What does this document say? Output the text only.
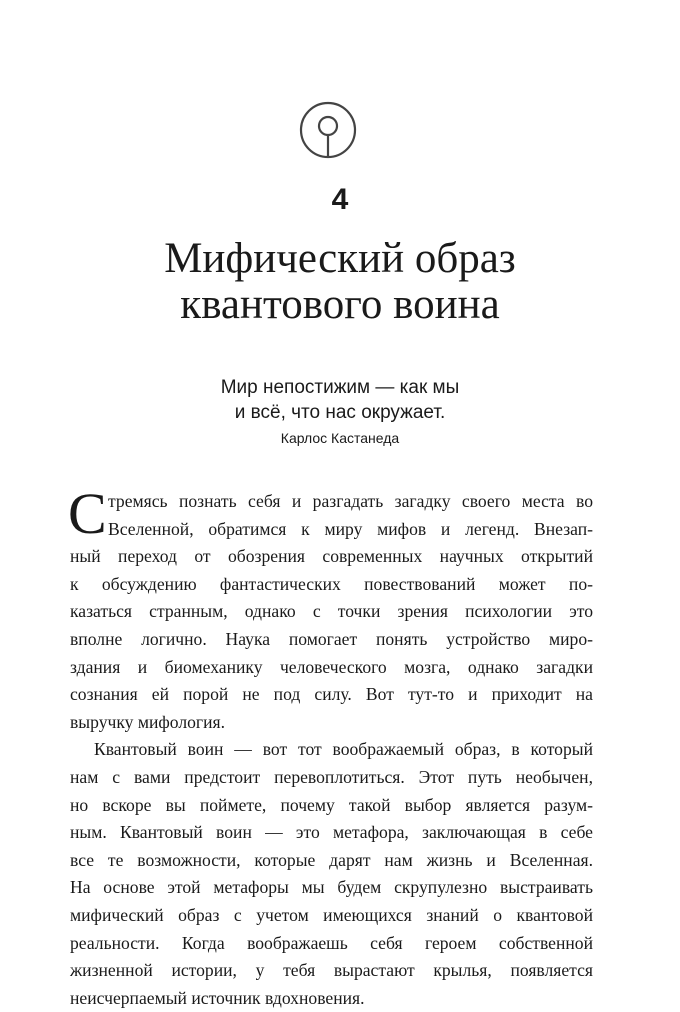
4
Мифический образ
квантового воина
Мир непостижим — как мы
и всё, что нас окружает.
Карлос Кастанеда
С тремясь познать себя и разгадать загадку своего места во
Вселенной, обратимся к миру мифов и легенд. Внезап-
ный переход от обозрения современных научных открытий
к обсуждению фантастических повествований может по-
казаться странным, однако с точки зрения психологии это
вполне логично. Наука помогает понять устройство миро-
здания и биомеханику человеческого мозга, однако загадки
сознания ей порой не под силу. Вот тут-то и приходит на
выручку мифология.
Квантовый воин — вот тот воображаемый образ, в который
нам с вами предстоит перевоплотиться. Этот путь необычен,
но вскоре вы поймете, почему такой выбор является разум-
ным. Квантовый воин — это метафора, заключающая в себе
все те возможности, которые дарят нам жизнь и Вселенная.
На основе этой метафоры мы будем скрупулезно выстраивать
мифический образ с учетом имеющихся знаний о квантовой
реальности. Когда воображаешь себя героем собственной
жизненной истории, у тебя вырастают крылья, появляется
неисчерпаемый источник вдохновения.
